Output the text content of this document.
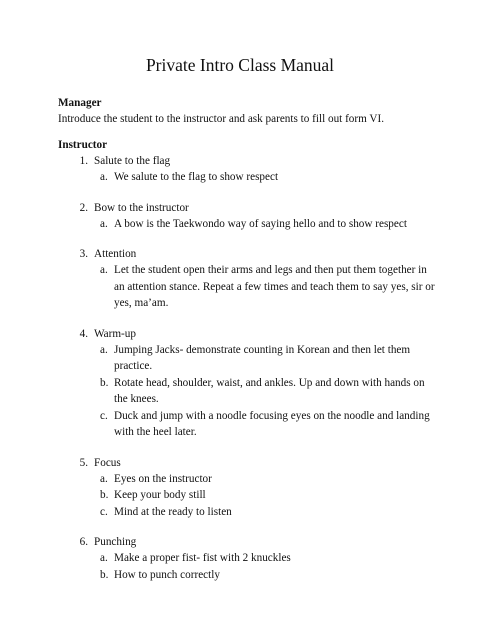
Private Intro Class Manual
Manager
Introduce the student to the instructor and ask parents to fill out form VI.
Instructor
1. Salute to the flag
a. We salute to the flag to show respect
2. Bow to the instructor
a. A bow is the Taekwondo way of saying hello and to show respect
3. Attention
a. Let the student open their arms and legs and then put them together in an attention stance. Repeat a few times and teach them to say yes, sir or yes, ma’am.
4. Warm-up
a. Jumping Jacks- demonstrate counting in Korean and then let them practice.
b. Rotate head, shoulder, waist, and ankles. Up and down with hands on the knees.
c. Duck and jump with a noodle focusing eyes on the noodle and landing with the heel later.
5. Focus
a. Eyes on the instructor
b. Keep your body still
c. Mind at the ready to listen
6. Punching
a. Make a proper fist- fist with 2 knuckles
b. How to punch correctly
